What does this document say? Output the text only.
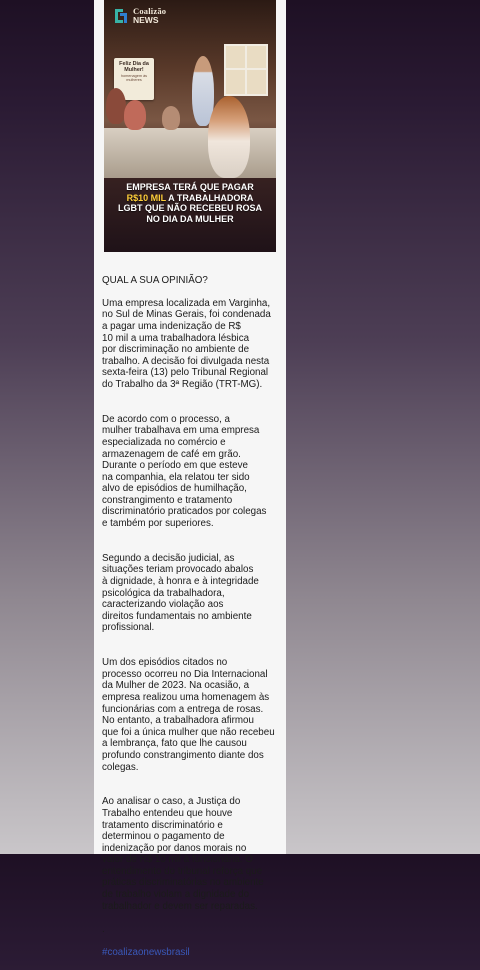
Coalizão
NEWS
Feliz Dia da Mulher!
homenagem às mulheres
EMPRESA TERÁ QUE PAGAR
R$10 MIL A TRABALHADORA
LGBT QUE NÃO RECEBEU ROSA
NO DIA DA MULHER

QUAL A SUA OPINIÃO?

Uma empresa localizada em Varginha,
no Sul de Minas Gerais, foi condenada
a pagar uma indenização de R$
10 mil a uma trabalhadora lésbica
por discriminação no ambiente de
trabalho. A decisão foi divulgada nesta
sexta-feira (13) pelo Tribunal Regional
do Trabalho da 3ª Região (TRT-MG).

De acordo com o processo, a
mulher trabalhava em uma empresa
especializada no comércio e
armazenagem de café em grão.
Durante o período em que esteve
na companhia, ela relatou ter sido
alvo de episódios de humilhação,
constrangimento e tratamento
discriminatório praticados por colegas
e também por superiores.

Segundo a decisão judicial, as
situações teriam provocado abalos
à dignidade, à honra e à integridade
psicológica da trabalhadora,
caracterizando violação aos
direitos fundamentais no ambiente
profissional.

Um dos episódios citados no
processo ocorreu no Dia Internacional
da Mulher de 2023. Na ocasião, a
empresa realizou uma homenagem às
funcionárias com a entrega de rosas.
No entanto, a trabalhadora afirmou
que foi a única mulher que não recebeu
a lembrança, fato que lhe causou
profundo constrangimento diante dos
colegas.

Ao analisar o caso, a Justiça do
Trabalho entendeu que houve
tratamento discriminatório e
determinou o pagamento de
indenização por danos morais no
valor de R$ 10 mil à funcionária. O
entendimento do tribunal reforça que
práticas discriminatórias no ambiente
de trabalho violam a dignidade do
trabalhador e devem ser reparadas.

.

#coalizaonewsbrasil
